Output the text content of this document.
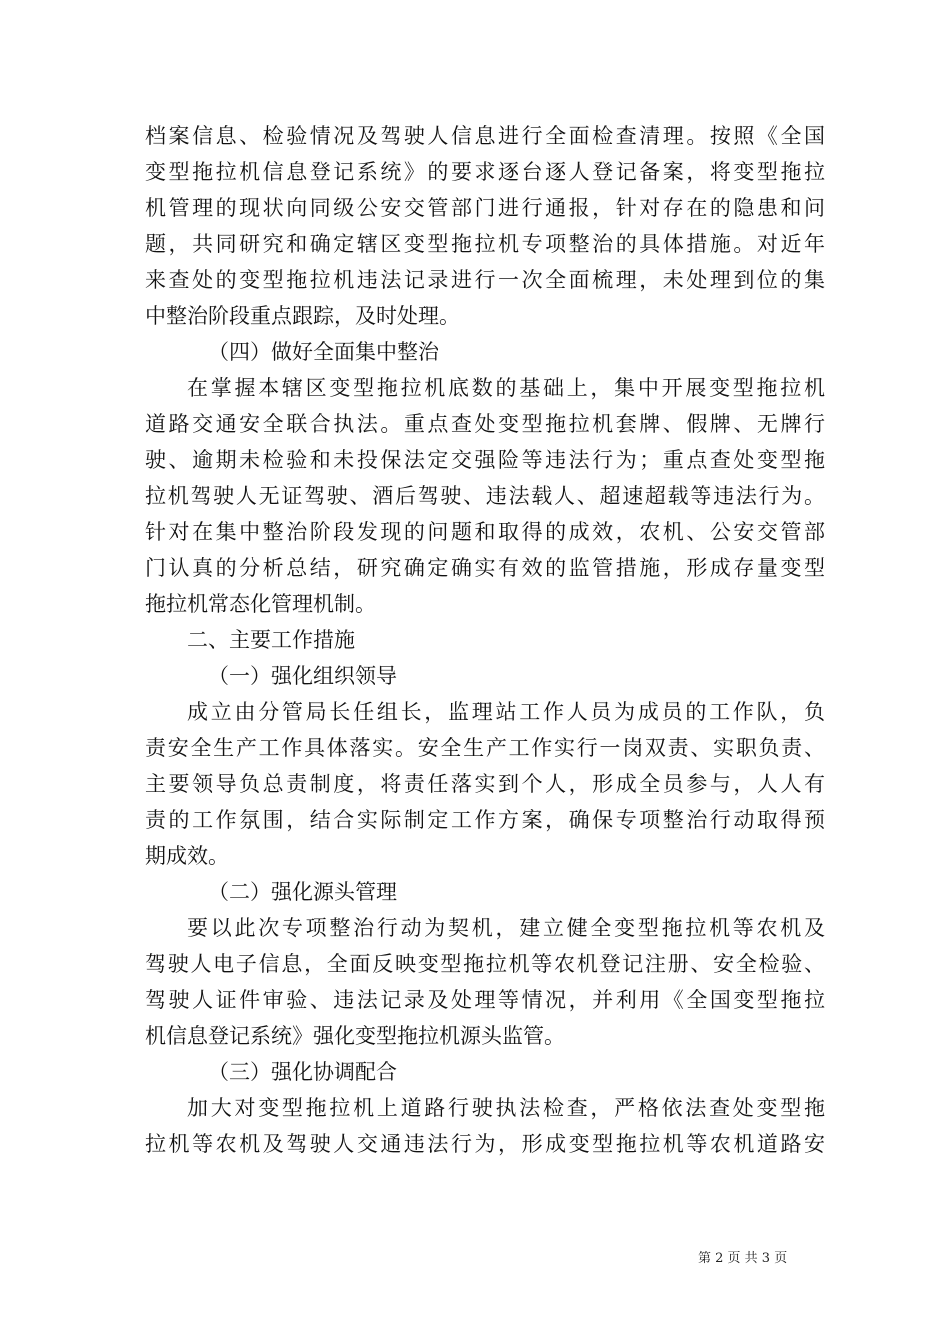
档案信息、检验情况及驾驶人信息进行全面检查清理。按照《全国
变型拖拉机信息登记系统》的要求逐台逐人登记备案，将变型拖拉
机管理的现状向同级公安交管部门进行通报，针对存在的隐患和问
题，共同研究和确定辖区变型拖拉机专项整治的具体措施。对近年
来查处的变型拖拉机违法记录进行一次全面梳理，未处理到位的集
中整治阶段重点跟踪，及时处理。
（四）做好全面集中整治
在掌握本辖区变型拖拉机底数的基础上，集中开展变型拖拉机
道路交通安全联合执法。重点查处变型拖拉机套牌、假牌、无牌行
驶、逾期未检验和未投保法定交强险等违法行为；重点查处变型拖
拉机驾驶人无证驾驶、酒后驾驶、违法载人、超速超载等违法行为。
针对在集中整治阶段发现的问题和取得的成效，农机、公安交管部
门认真的分析总结，研究确定确实有效的监管措施，形成存量变型
拖拉机常态化管理机制。
二、主要工作措施
（一）强化组织领导
成立由分管局长任组长，监理站工作人员为成员的工作队，负
责安全生产工作具体落实。安全生产工作实行一岗双责、实职负责、
主要领导负总责制度，将责任落实到个人，形成全员参与，人人有
责的工作氛围，结合实际制定工作方案，确保专项整治行动取得预
期成效。
（二）强化源头管理
要以此次专项整治行动为契机，建立健全变型拖拉机等农机及
驾驶人电子信息，全面反映变型拖拉机等农机登记注册、安全检验、
驾驶人证件审验、违法记录及处理等情况，并利用《全国变型拖拉
机信息登记系统》强化变型拖拉机源头监管。
（三）强化协调配合
加大对变型拖拉机上道路行驶执法检查，严格依法查处变型拖
拉机等农机及驾驶人交通违法行为，形成变型拖拉机等农机道路安
第 2 页 共 3 页
